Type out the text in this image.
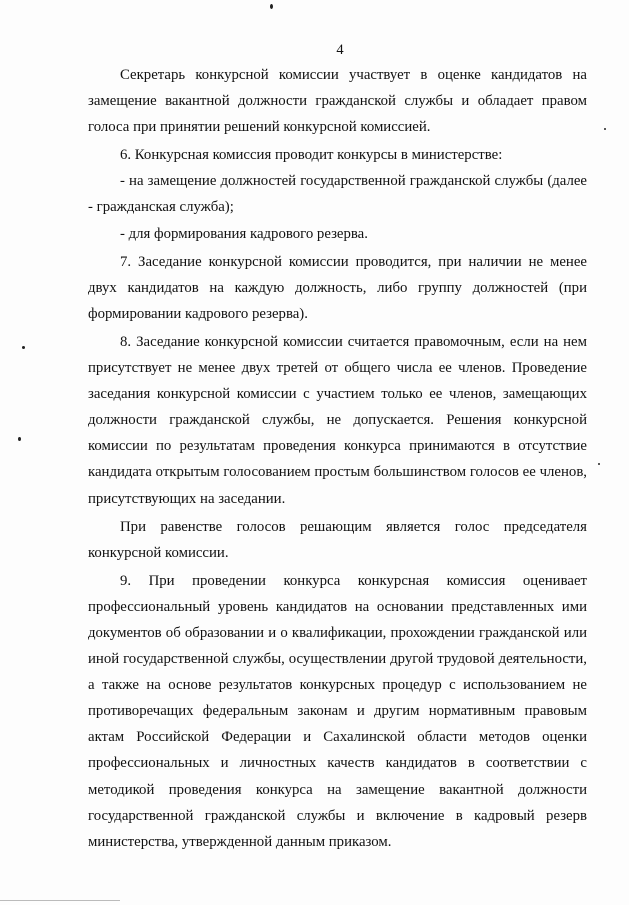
4

Секретарь конкурсной комиссии участвует в оценке кандидатов на замещение вакантной должности гражданской службы и обладает правом голоса при принятии решений конкурсной комиссией.

6. Конкурсная комиссия проводит конкурсы в министерстве:

- на замещение должностей государственной гражданской службы (далее - гражданская служба);

- для формирования кадрового резерва.

7. Заседание конкурсной комиссии проводится, при наличии не менее двух кандидатов на каждую должность, либо группу должностей (при формировании кадрового резерва).

8. Заседание конкурсной комиссии считается правомочным, если на нем присутствует не менее двух третей от общего числа ее членов. Проведение заседания конкурсной комиссии с участием только ее членов, замещающих должности гражданской службы, не допускается. Решения конкурсной комиссии по результатам проведения конкурса принимаются в отсутствие кандидата открытым голосованием простым большинством голосов ее членов, присутствующих на заседании.

При равенстве голосов решающим является голос председателя конкурсной комиссии.

9. При проведении конкурса конкурсная комиссия оценивает профессиональный уровень кандидатов на основании представленных ими документов об образовании и о квалификации, прохождении гражданской или иной государственной службы, осуществлении другой трудовой деятельности, а также на основе результатов конкурсных процедур с использованием не противоречащих федеральным законам и другим нормативным правовым актам Российской Федерации и Сахалинской области методов оценки профессиональных и личностных качеств кандидатов в соответствии с методикой проведения конкурса на замещение вакантной должности государственной гражданской службы и включение в кадровый резерв министерства, утвержденной данным приказом.
